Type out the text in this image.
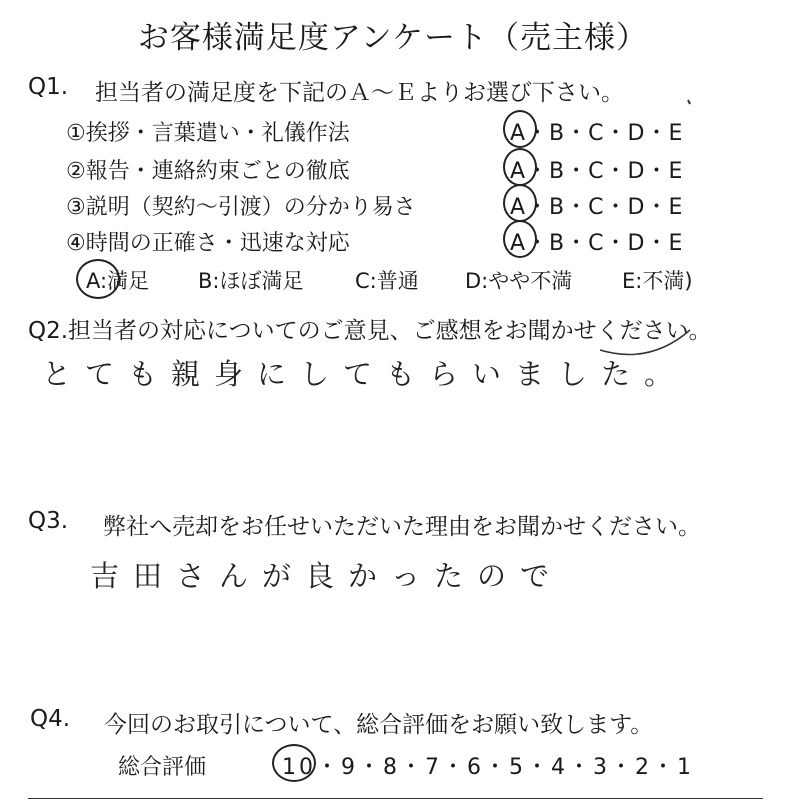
お客様満足度アンケート（売主様）
Q1. 担当者の満足度を下記のＡ～Ｅよりお選び下さい。
①挨拶・言葉遣い・礼儀作法	A・B・C・D・E
②報告・連絡約束ごとの徹底	A・B・C・D・E
③説明（契約～引渡）の分かり易さ	A・B・C・D・E
④時間の正確さ・迅速な対応	A・B・C・D・E
A:満足 B:ほぼ満足 C:普通 D:やや不満 E:不満)
Q2.担当者の対応についてのご意見、ご感想をお聞かせください。
とても親身にしてもらいました。
Q3. 弊社へ売却をお任せいただいた理由をお聞かせください。
吉田さんが良かったので
Q4. 今回のお取引について、総合評価をお願い致します。
総合評価	10・9・8・7・6・5・4・3・2・1
